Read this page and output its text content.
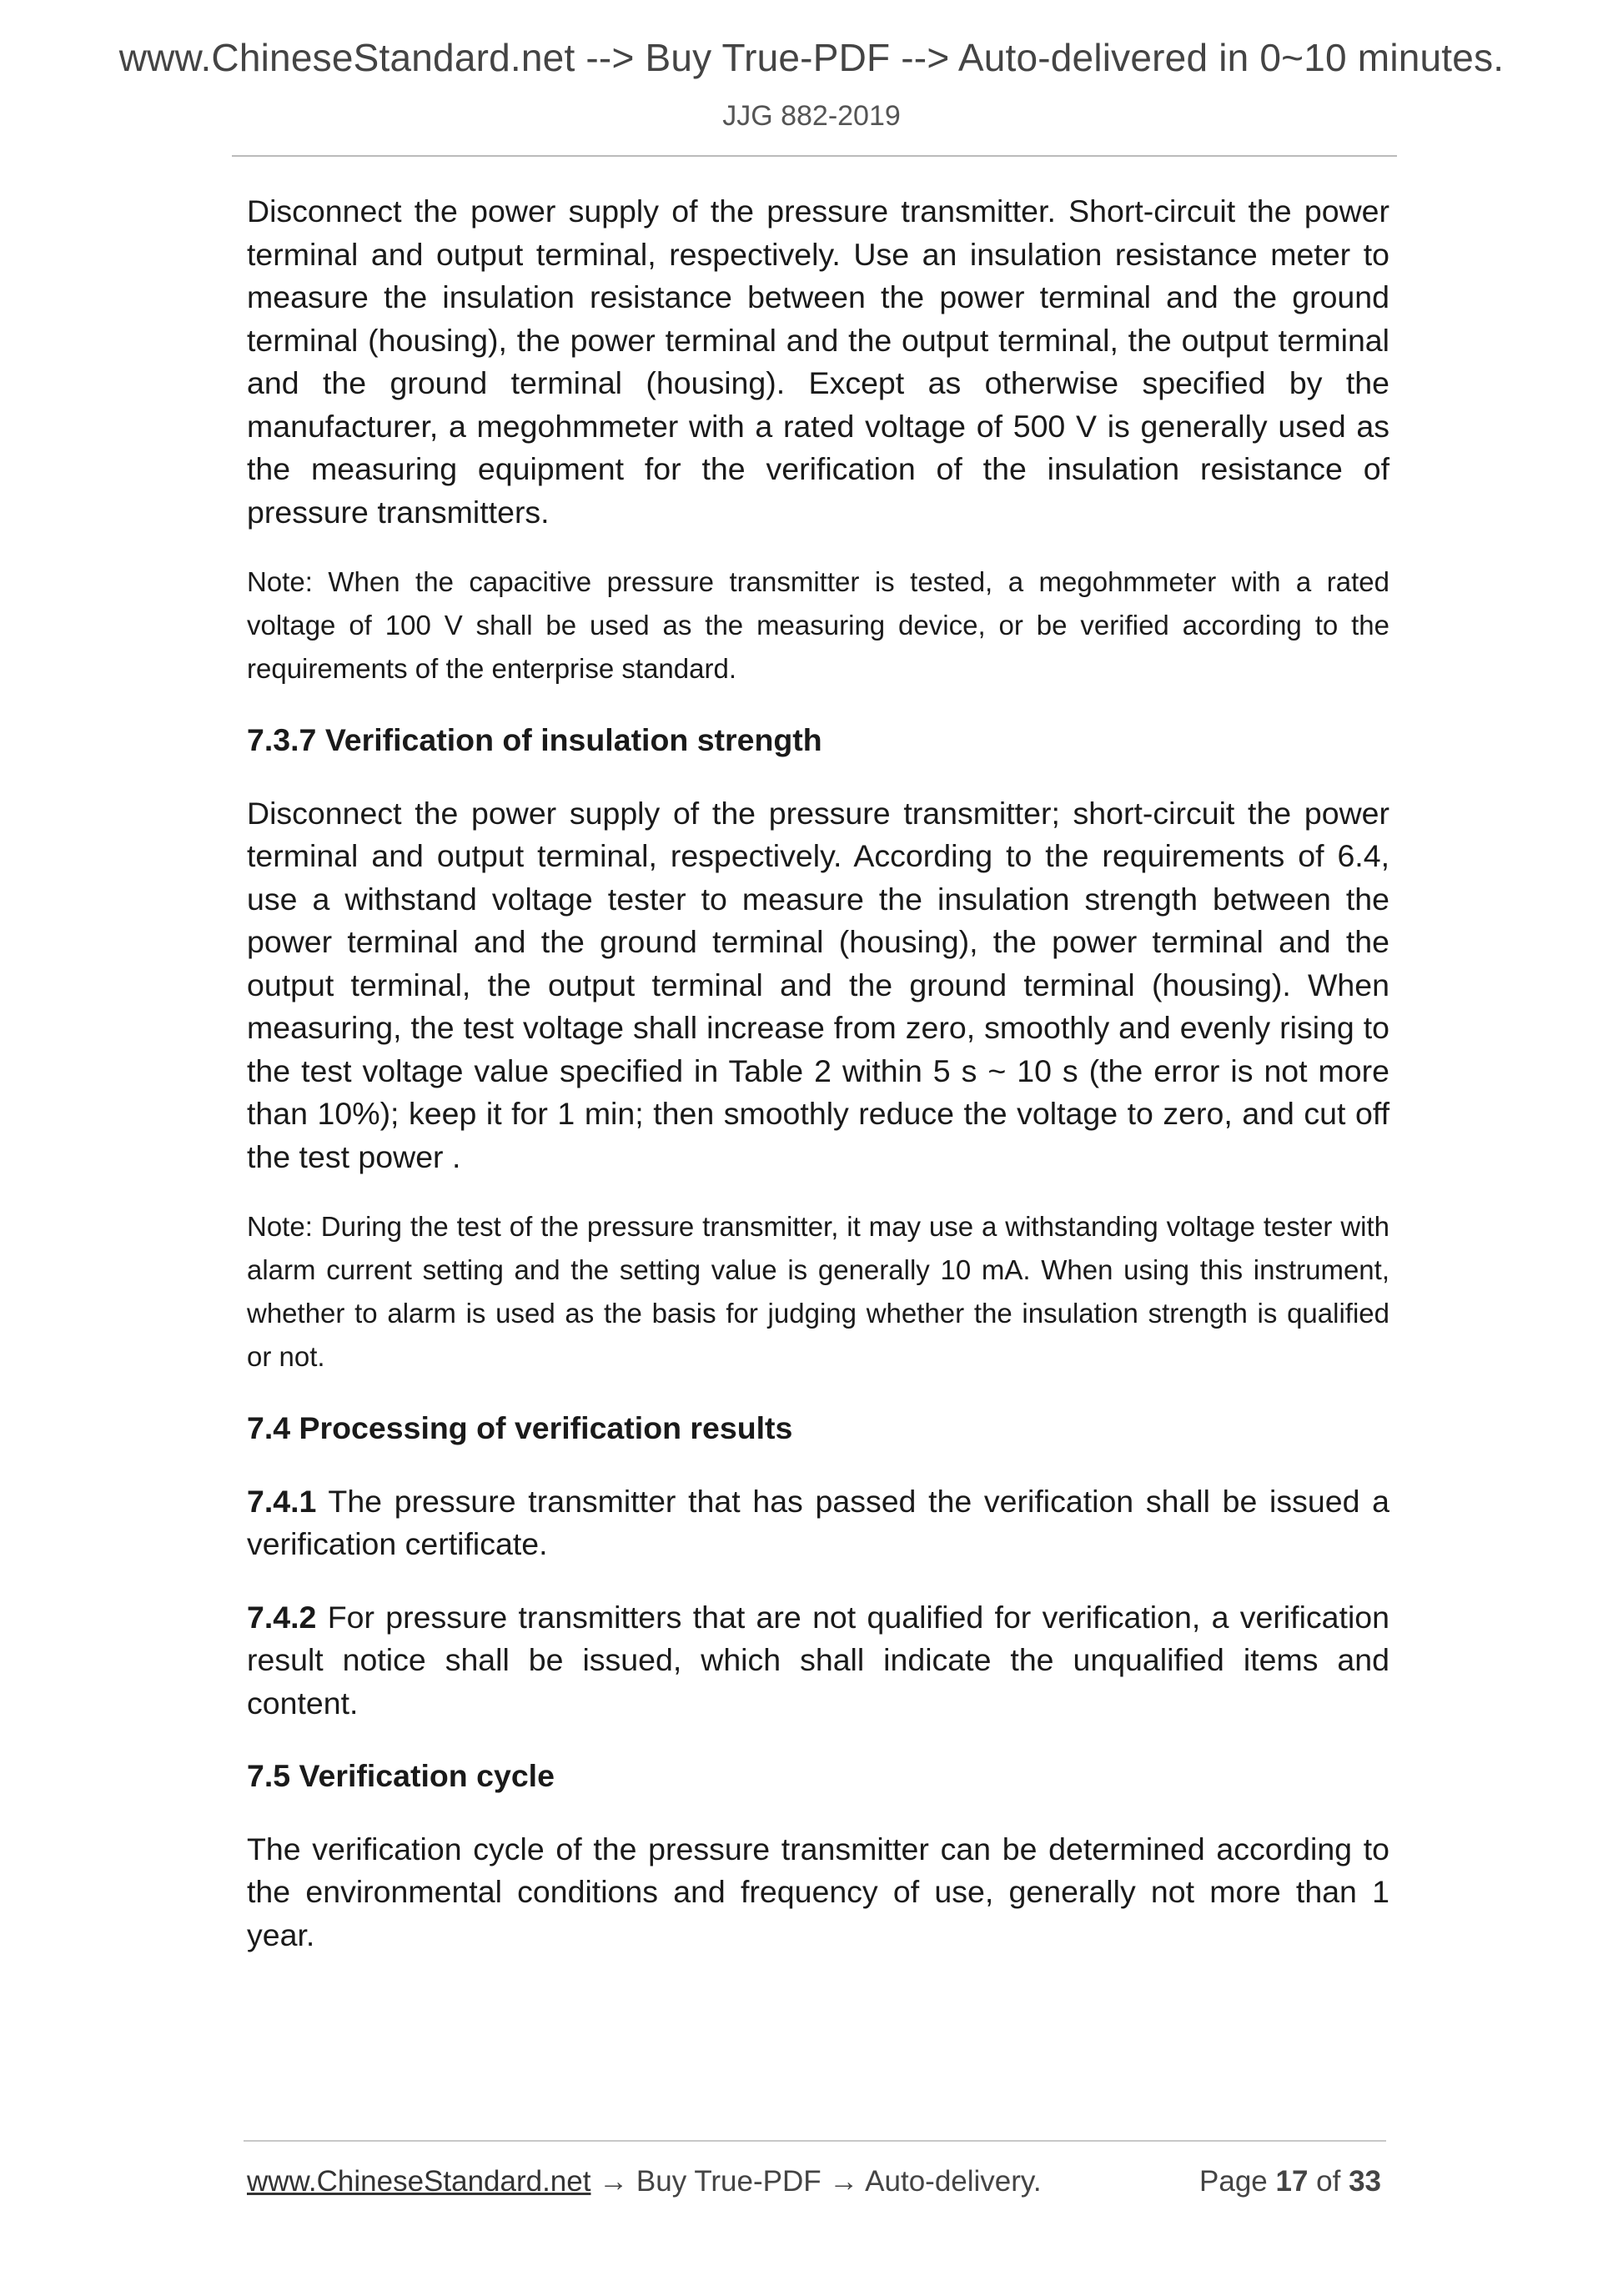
www.ChineseStandard.net --> Buy True-PDF --> Auto-delivered in 0~10 minutes.
JJG 882-2019

Disconnect the power supply of the pressure transmitter. Short-circuit the power terminal and output terminal, respectively. Use an insulation resistance meter to measure the insulation resistance between the power terminal and the ground terminal (housing), the power terminal and the output terminal, the output terminal and the ground terminal (housing). Except as otherwise specified by the manufacturer, a megohmmeter with a rated voltage of 500 V is generally used as the measuring equipment for the verification of the insulation resistance of pressure transmitters.

Note: When the capacitive pressure transmitter is tested, a megohmmeter with a rated voltage of 100 V shall be used as the measuring device, or be verified according to the requirements of the enterprise standard.

7.3.7 Verification of insulation strength

Disconnect the power supply of the pressure transmitter; short-circuit the power terminal and output terminal, respectively. According to the requirements of 6.4, use a withstand voltage tester to measure the insulation strength between the power terminal and the ground terminal (housing), the power terminal and the output terminal, the output terminal and the ground terminal (housing). When measuring, the test voltage shall increase from zero, smoothly and evenly rising to the test voltage value specified in Table 2 within 5 s ~ 10 s (the error is not more than 10%); keep it for 1 min; then smoothly reduce the voltage to zero, and cut off the test power .

Note: During the test of the pressure transmitter, it may use a withstanding voltage tester with alarm current setting and the setting value is generally 10 mA. When using this instrument, whether to alarm is used as the basis for judging whether the insulation strength is qualified or not.

7.4 Processing of verification results

7.4.1 The pressure transmitter that has passed the verification shall be issued a verification certificate.

7.4.2 For pressure transmitters that are not qualified for verification, a verification result notice shall be issued, which shall indicate the unqualified items and content.

7.5 Verification cycle

The verification cycle of the pressure transmitter can be determined according to the environmental conditions and frequency of use, generally not more than 1 year.

www.ChineseStandard.net → Buy True-PDF → Auto-delivery.	Page 17 of 33
